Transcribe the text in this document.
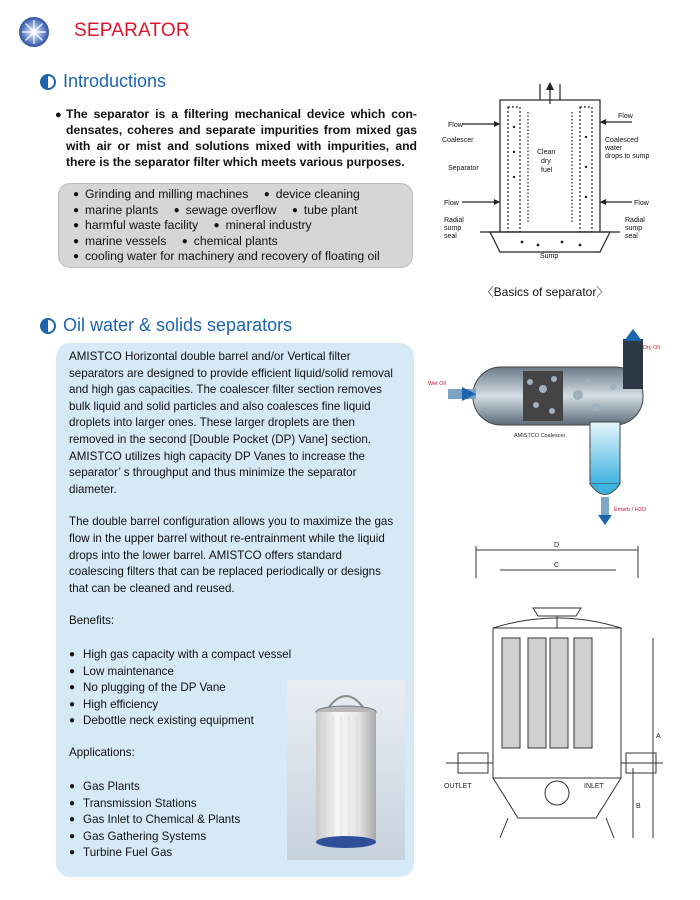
SEPARATOR
Introductions
● The separator is a filtering mechanical device which con-densates, coheres and separate impurities from mixed gas with air or mist and solutions mixed with impurities, and there is the separator filter which meets various purposes.
● Grinding and milling machines ● device cleaning
● marine plants ● sewage overflow ● tube plant
● harmful waste facility ● mineral industry
● marine vessels ● chemical plants
● cooling water for machinery and recovery of floating oil
Flow
Flow
Coalescer
Separator
Clean
dry
fuel
Coalesced
water
drops to sump
Flow	Flow
Radial
sump
seal
Radial
sump
seal
Sump
〈Basics of separator〉
Oil water & solids separators

AMISTCO Horizontal double barrel and/or Vertical filter separators are designed to provide efficient liquid/solid removal and high gas capacities. The coalescer filter section removes bulk liquid and solid particles and also coalesces fine liquid droplets into larger ones. These larger droplets are then removed in the second [Double Pocket (DP) Vane] section. AMISTCO utilizes high capacity DP Vanes to increase the separator’ s throughput and thus minimize the separator diameter.

The double barrel configuration allows you to maximize the gas flow in the upper barrel without re-entrainment while the liquid drops into the lower barrel. AMISTCO offers standard coalescing filters that can be replaced periodically or designs that can be cleaned and reused.

Benefits:
● High gas capacity with a compact vessel
● Low maintenance
● No plugging of the DP Vane
● High efficiency
● Debottle neck existing equipment
Applications:
● Gas Plants
● Transmission Stations
● Gas Inlet to Chemical & Plants
● Gas Gathering Systems
● Turbine Fuel Gas
Wet Oil
Dry Oil
AMISTCO Coalescer
Emerb / H2O
D
C
A
B
OUTLET	INLET
